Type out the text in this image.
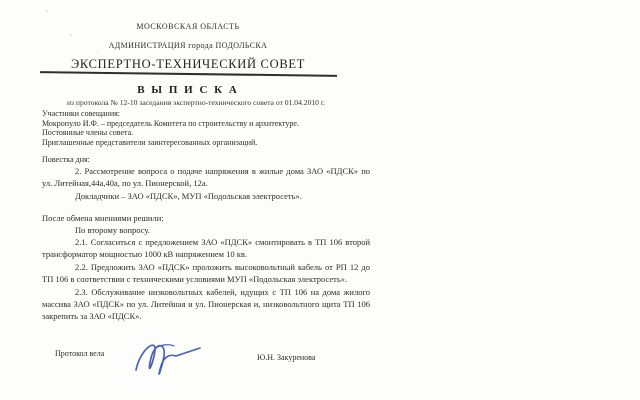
МОСКОВСКАЯ ОБЛАСТЬ
АДМИНИСТРАЦИЯ города ПОДОЛЬСКА
ЭКСПЕРТНО-ТЕХНИЧЕСКИЙ СОВЕТ
В Ы П И С К А
из протокола № 12-10 заседания экспертно-технического совета от 01.04.2010 г.
Участники совещания:
Мокропуло И.Ф. – председатель Комитета по строительству и архитектуре.
Постоянные члены совета.
Приглашенные представители заинтересованных организаций.
Повестка дня:
2. Рассмотрение вопроса о подаче напряжения в жилые дома ЗАО «ПДСК» по ул. Литейная,44а,40а, по ул. Пионерской, 12а.
Докладчики – ЗАО «ПДСК», МУП «Подольская электросеть».
После обмена мнениями решили:
По второму вопросу.
2.1. Согласиться с предложением ЗАО «ПДСК» смонтировать в ТП 106 второй трансформатор мощностью 1000 кВ напряжением 10 кв.
2.2. Предложить ЗАО «ПДСК» проложить высоковольтный кабель от РП 12 до ТП 106 в соответствии с техническими условиями МУП «Подольская электросеть».
2.3. Обслуживание низковольтных кабелей, идущих с ТП 106 на дома жилого массива ЗАО «ПДСК» по ул. Литейная и ул. Пионерская и, низковольтного щита ТП 106 закрепить за ЗАО «ПДСК».
Протокол вела	Ю.Н. Закуренова
